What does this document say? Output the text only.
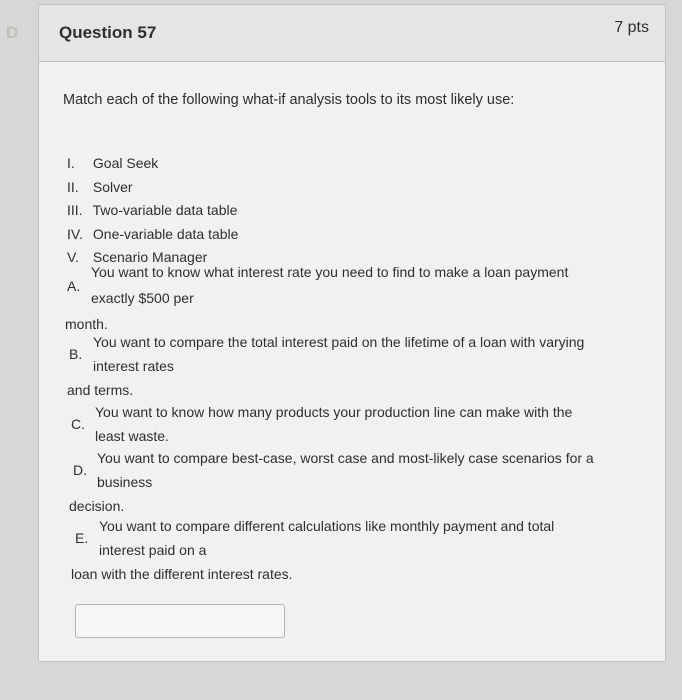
D	Question 57	7 pts
Match each of the following what-if analysis tools to its most likely use:
I. Goal Seek
II. Solver
III. Two-variable data table
IV. One-variable data table
V. Scenario Manager
A.
You want to know what interest rate you need to find to make a loan payment
exactly $500 per
month.
B.
You want to compare the total interest paid on the lifetime of a loan with varying
interest rates
and terms.
C.
You want to know how many products your production line can make with the
least waste.
D.
You want to compare best-case, worst case and most-likely case scenarios for a
business
decision.
E.
You want to compare different calculations like monthly payment and total
interest paid on a
loan with the different interest rates.
